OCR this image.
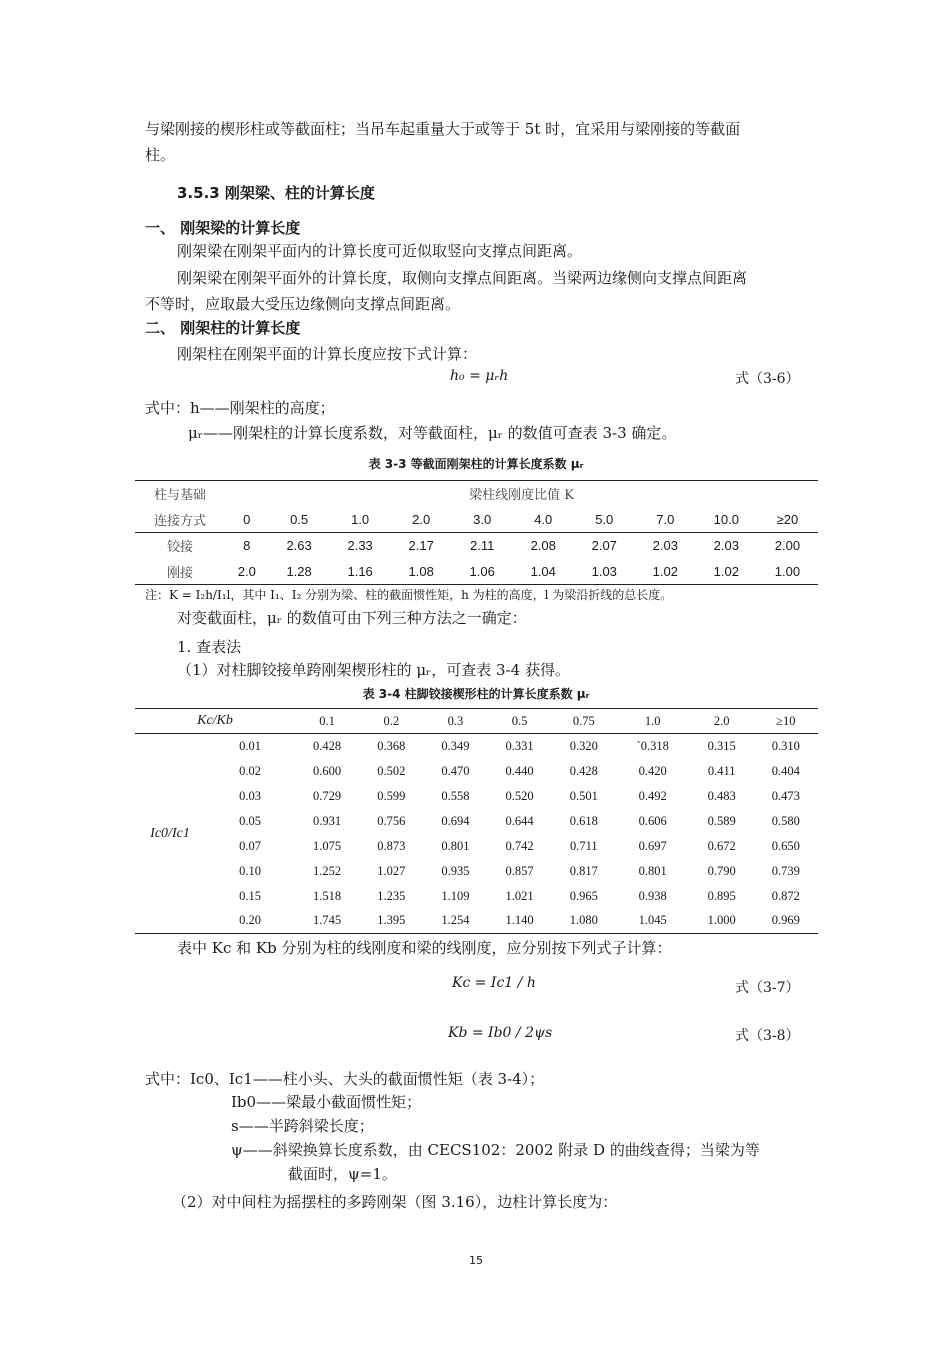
与梁刚接的楔形柱或等截面柱；当吊车起重量大于或等于 5t 时，宜采用与梁刚接的等截面
柱。
3.5.3 刚架梁、柱的计算长度
一、 刚架梁的计算长度
刚架梁在刚架平面内的计算长度可近似取竖向支撑点间距离。
刚架梁在刚架平面外的计算长度，取侧向支撑点间距离。当梁两边缘侧向支撑点间距离
不等时，应取最大受压边缘侧向支撑点间距离。
二、 刚架柱的计算长度
刚架柱在刚架平面的计算长度应按下式计算：
h₀ = μᵣh	式（3-6）
式中：h——刚架柱的高度；
μᵣ——刚架柱的计算长度系数，对等截面柱，μᵣ 的数值可查表 3-3 确定。
表 3-3 等截面刚架柱的计算长度系数 μᵣ
柱与基础	梁柱线刚度比值 K									
连接方式	0	0.5	1.0	2.0	3.0	4.0	5.0	7.0	10.0	≥20
铰接	8	2.63	2.33	2.17	2.11	2.08	2.07	2.03	2.03	2.00
刚接	2.0	1.28	1.16	1.08	1.06	1.04	1.03	1.02	1.02	1.00
注：K = I₂h/I₁l，其中 I₁、I₂ 分别为梁、柱的截面惯性矩，h 为柱的高度，l 为梁沿折线的总长度。
对变截面柱，μᵣ 的数值可由下列三种方法之一确定：
1. 查表法
（1）对柱脚铰接单跨刚架楔形柱的 μᵣ，可查表 3-4 获得。
表 3-4 柱脚铰接楔形柱的计算长度系数 μᵣ
Kc/Kb		0.1	0.2	0.3	0.5	0.75	1.0	2.0	≥10
Ic0/Ic1	0.01	0.428	0.368	0.349	0.331	0.320	`0.318	0.315	0.310
	0.02	0.600	0.502	0.470	0.440	0.428	0.420	0.411	0.404
	0.03	0.729	0.599	0.558	0.520	0.501	0.492	0.483	0.473
	0.05	0.931	0.756	0.694	0.644	0.618	0.606	0.589	0.580
	0.07	1.075	0.873	0.801	0.742	0.711	0.697	0.672	0.650
	0.10	1.252	1.027	0.935	0.857	0.817	0.801	0.790	0.739
	0.15	1.518	1.235	1.109	1.021	0.965	0.938	0.895	0.872
	0.20	1.745	1.395	1.254	1.140	1.080	1.045	1.000	0.969
表中 Kc 和 Kb 分别为柱的线刚度和梁的线刚度，应分别按下列式子计算：
Kc = Ic1 / h	式（3-7）
Kb = Ib0 / 2ψs	式（3-8）
式中：Ic0、Ic1——柱小头、大头的截面惯性矩（表 3-4）；
Ib0——梁最小截面惯性矩；
s——半跨斜梁长度；
ψ——斜梁换算长度系数，由 CECS102：2002 附录 D 的曲线查得；当梁为等
截面时，ψ=1。
（2）对中间柱为摇摆柱的多跨刚架（图 3.16），边柱计算长度为：
15
